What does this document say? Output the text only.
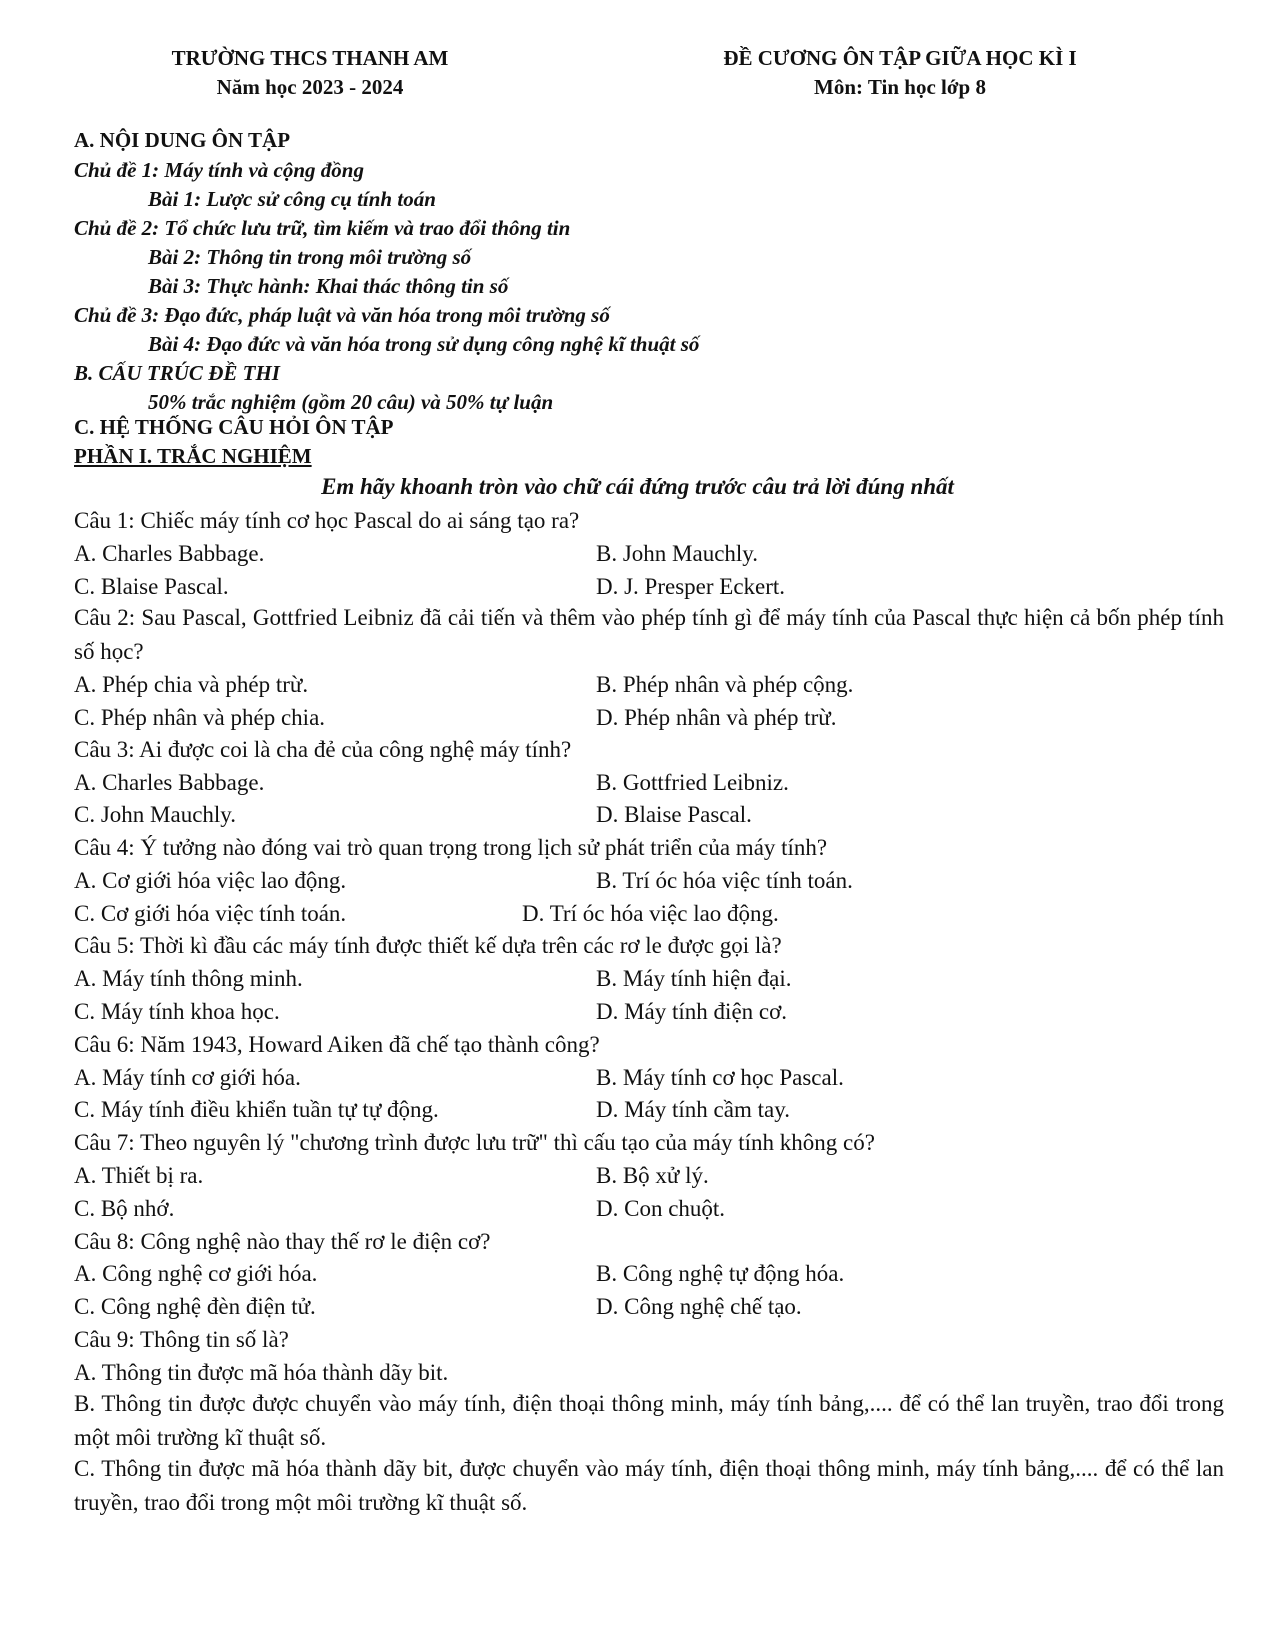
TRƯỜNG THCS THANH AM
Năm học 2023 - 2024
ĐỀ CƯƠNG ÔN TẬP GIỮA HỌC KÌ I
Môn: Tin học lớp 8
A. NỘI DUNG ÔN TẬP
Chủ đề 1: Máy tính và cộng đồng
Bài 1: Lược sử công cụ tính toán
Chủ đề 2: Tổ chức lưu trữ, tìm kiếm và trao đổi thông tin
Bài 2: Thông tin trong môi trường số
Bài 3: Thực hành: Khai thác thông tin số
Chủ đề 3: Đạo đức, pháp luật và văn hóa trong môi trường số
Bài 4: Đạo đức và văn hóa trong sử dụng công nghệ kĩ thuật số
B. CẤU TRÚC ĐỀ THI
50% trắc nghiệm (gồm 20 câu) và 50% tự luận
C. HỆ THỐNG CÂU HỎI ÔN TẬP
PHẦN I. TRẮC NGHIỆM
Em hãy khoanh tròn vào chữ cái đứng trước câu trả lời đúng nhất
Câu 1: Chiếc máy tính cơ học Pascal do ai sáng tạo ra?
A. Charles Babbage.	B. John Mauchly.
C. Blaise Pascal.	D. J. Presper Eckert.
Câu 2: Sau Pascal, Gottfried Leibniz đã cải tiến và thêm vào phép tính gì để máy tính của Pascal thực hiện cả bốn phép tính số học?
A. Phép chia và phép trừ.	B. Phép nhân và phép cộng.
C. Phép nhân và phép chia.	D. Phép nhân và phép trừ.
Câu 3: Ai được coi là cha đẻ của công nghệ máy tính?
A. Charles Babbage.	B. Gottfried Leibniz.
C. John Mauchly.	D. Blaise Pascal.
Câu 4: Ý tưởng nào đóng vai trò quan trọng trong lịch sử phát triển của máy tính?
A. Cơ giới hóa việc lao động.	B. Trí óc hóa việc tính toán.
C. Cơ giới hóa việc tính toán.	D. Trí óc hóa việc lao động.
Câu 5: Thời kì đầu các máy tính được thiết kế dựa trên các rơ le được gọi là?
A. Máy tính thông minh.	B. Máy tính hiện đại.
C. Máy tính khoa học.	D. Máy tính điện cơ.
Câu 6: Năm 1943, Howard Aiken đã chế tạo thành công?
A. Máy tính cơ giới hóa.	B. Máy tính cơ học Pascal.
C. Máy tính điều khiển tuần tự tự động.	D. Máy tính cầm tay.
Câu 7: Theo nguyên lý "chương trình được lưu trữ" thì cấu tạo của máy tính không có?
A. Thiết bị ra.	B. Bộ xử lý.
C. Bộ nhớ.	D. Con chuột.
Câu 8: Công nghệ nào thay thế rơ le điện cơ?
A. Công nghệ cơ giới hóa.	B. Công nghệ tự động hóa.
C. Công nghệ đèn điện tử.	D. Công nghệ chế tạo.
Câu 9: Thông tin số là?
A. Thông tin được mã hóa thành dãy bit.
B. Thông tin được được chuyển vào máy tính, điện thoại thông minh, máy tính bảng,.... để có thể lan truyền, trao đổi trong một môi trường kĩ thuật số.
C. Thông tin được mã hóa thành dãy bit, được chuyển vào máy tính, điện thoại thông minh, máy tính bảng,.... để có thể lan truyền, trao đổi trong một môi trường kĩ thuật số.
